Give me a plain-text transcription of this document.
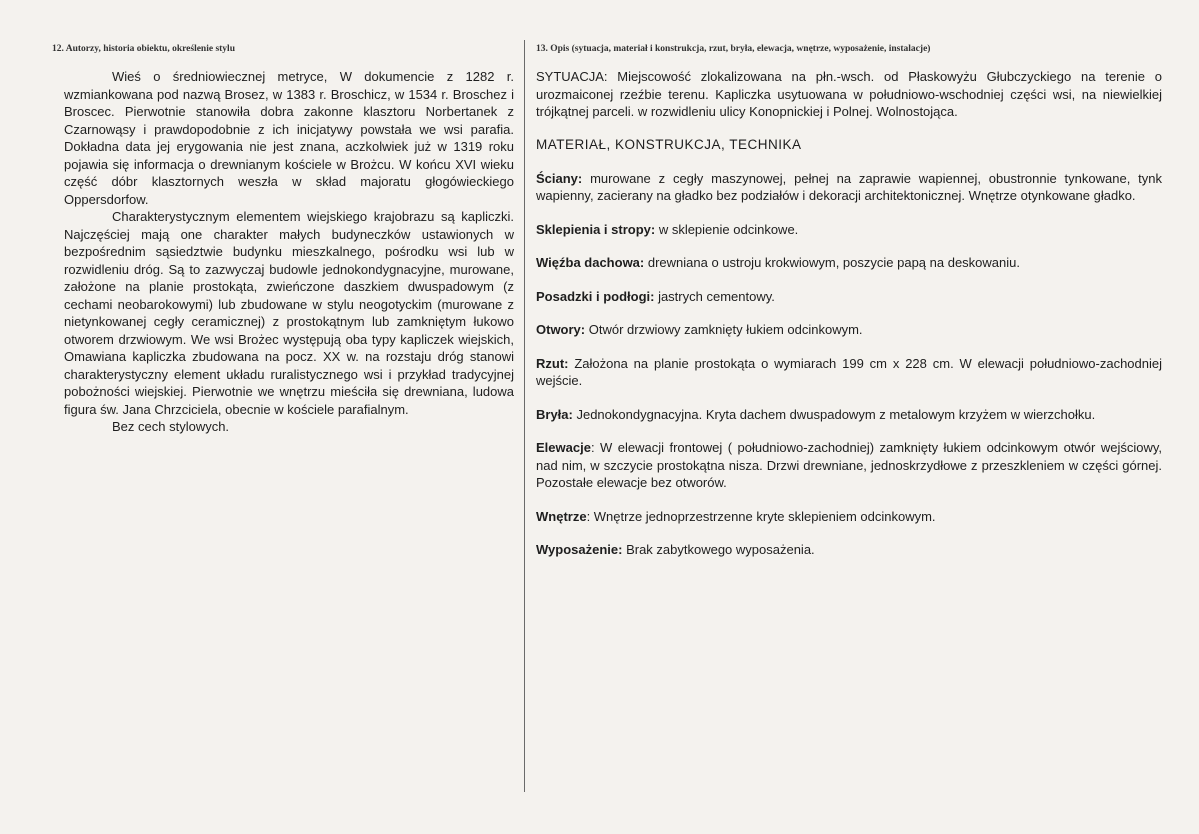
12. Autorzy, historia obiektu, określenie stylu

Wieś o średniowiecznej metryce, W dokumencie z 1282 r. wzmiankowana pod nazwą Brosez, w 1383 r. Broschicz, w 1534 r. Broschez i Broscec. Pierwotnie stanowiła dobra zakonne klasztoru Norbertanek z Czarnowąsy i prawdopodobnie z ich inicjatywy powstała we wsi parafia. Dokładna data jej erygowania nie jest znana, aczkolwiek już w 1319 roku pojawia się informacja o drewnianym kościele w Brożcu. W końcu XVI wieku część dóbr klasztornych weszła w skład majoratu głogówieckiego Oppersdorfow.

Charakterystycznym elementem wiejskiego krajobrazu są kapliczki. Najczęściej mają one charakter małych budyneczków ustawionych w bezpośrednim sąsiedztwie budynku mieszkalnego, pośrodku wsi lub w rozwidleniu dróg. Są to zazwyczaj budowle jednokondygnacyjne, murowane, założone na planie prostokąta, zwieńczone daszkiem dwuspadowym (z cechami neobarokowymi) lub zbudowane w stylu neogotyckim (murowane z nietynkowanej cegły ceramicznej) z prostokątnym lub zamkniętym łukowo otworem drzwiowym. We wsi Brożec występują oba typy kapliczek wiejskich, Omawiana kapliczka zbudowana na pocz. XX w. na rozstaju dróg stanowi charakterystyczny element układu ruralistycznego wsi i przykład tradycyjnej pobożności wiejskiej. Pierwotnie we wnętrzu mieściła się drewniana, ludowa figura św. Jana Chrzciciela, obecnie w kościele parafialnym.

Bez cech stylowych.

13. Opis (sytuacja, materiał i konstrukcja, rzut, bryła, elewacja, wnętrze, wyposażenie, instalacje)

SYTUACJA: Miejscowość zlokalizowana na płn.-wsch. od Płaskowyżu Głubczyckiego na terenie o urozmaiconej rzeźbie terenu. Kapliczka usytuowana w południowo-wschodniej części wsi, na niewielkiej trójkątnej parceli. w rozwidleniu ulicy Konopnickiej i Polnej. Wolnostojąca.

MATERIAŁ, KONSTRUKCJA, TECHNIKA

Ściany: murowane z cegły maszynowej, pełnej na zaprawie wapiennej, obustronnie tynkowane, tynk wapienny, zacierany na gładko bez podziałów i dekoracji architektonicznej. Wnętrze otynkowane gładko.

Sklepienia i stropy: w sklepienie odcinkowe.

Więźba dachowa: drewniana o ustroju krokwiowym, poszycie papą na deskowaniu.

Posadzki i podłogi: jastrych cementowy.

Otwory: Otwór drzwiowy zamknięty łukiem odcinkowym.

Rzut: Założona na planie prostokąta o wymiarach 199 cm x 228 cm. W elewacji południowo-zachodniej wejście.

Bryła: Jednokondygnacyjna. Kryta dachem dwuspadowym z metalowym krzyżem w wierzchołku.

Elewacje: W elewacji frontowej ( południowo-zachodniej) zamknięty łukiem odcinkowym otwór wejściowy, nad nim, w szczycie prostokątna nisza. Drzwi drewniane, jednoskrzydłowe z przeszkleniem w części górnej. Pozostałe elewacje bez otworów.

Wnętrze: Wnętrze jednoprzestrzenne kryte sklepieniem odcinkowym.

Wyposażenie: Brak zabytkowego wyposażenia.
